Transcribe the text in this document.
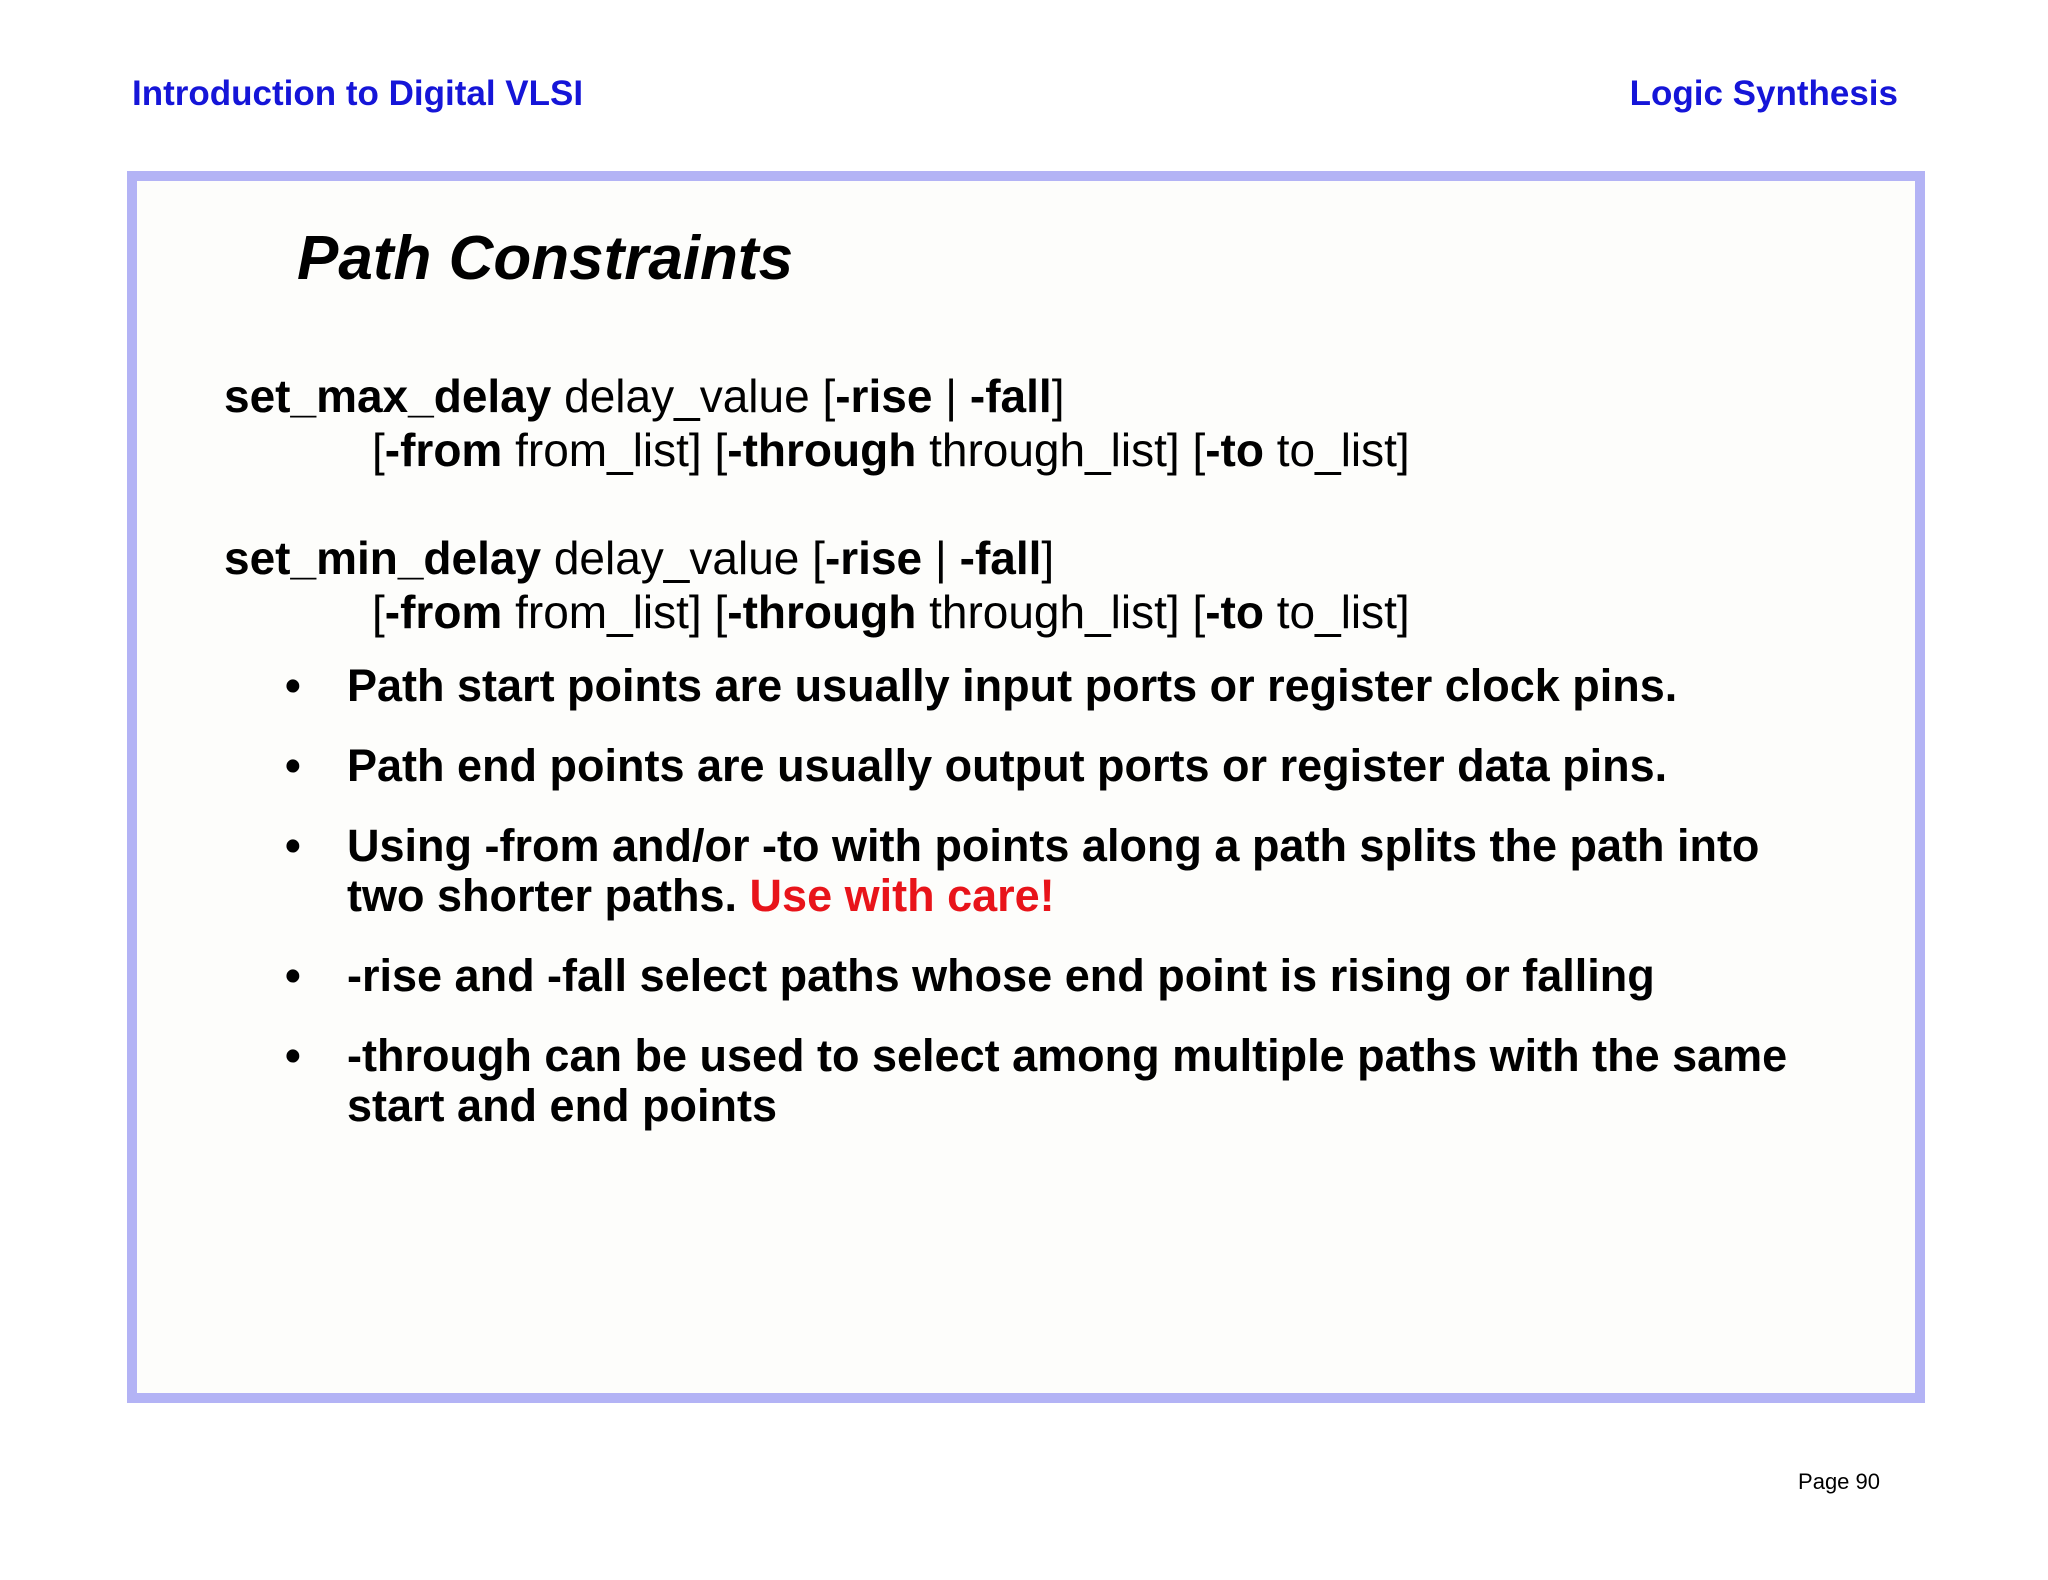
Introduction to Digital VLSI	Logic Synthesis
Path Constraints
set_max_delay delay_value [-rise | -fall]
[-from from_list] [-through through_list] [-to to_list]
set_min_delay delay_value [-rise | -fall]
[-from from_list] [-through through_list] [-to to_list]
•	Path start points are usually input ports or register clock pins.
•	Path end points are usually output ports or register data pins.
•	Using -from and/or -to with points along a path splits the path into two shorter paths. Use with care!
•	-rise and -fall select paths whose end point is rising or falling
•	-through can be used to select among multiple paths with the same start and end points
Page 90
